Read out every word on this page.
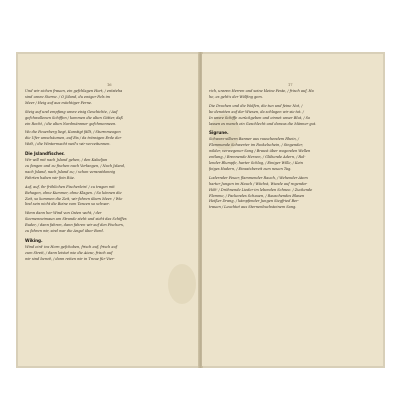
16
Und wir zichen frauen, ein gefchlagen Hort, / entsteha
sind unsre Sterne. / O Jöland, du ewiger Fels im
Meer / Heig auf aus mächtiger Ferne.

Steig auf und empfang unsre eisig Geschichte, / Auf
gefchwollenen Schiffen / kommen die alten Götter, daß
ein Recht, / die alten Nordmännner gefchmenneen.

Wo die Feuerberg liegt, Kunstigt fällt, / Sturmmeogen
die Ufer umschäumen, auf Eis / da tränsigen Erde der
Welt, / die Wintermacht weil's wir verzeitunnen.
Die Jslandfischer.
Wir will mit nach Jsland gehen, / den Kabeljan
zu fangen und zu fischen nach Verlangen, / Nach Jsland,
nach Jsland, nach Jsland zu; / schon veranstdonnig
Fahrten haben wir fein Rüe.

Auf, auf, ihr fröhlichen Fischerlein! / zu tragen mit
Behagen, ohne Kummer, ohne Klagen. / So können die
Zeit, so kommen die Zeit, wir fahren übers Meer. / Wie
lind sein nicht die Beine vom Tanzen so schwer.

Wenn dann her Wind von Osten weht, / der
Seemenneimaun am Strande steht und sieht das Schiffes
Ruder, / dann fahren, dann fahren wir auf den Fischers,
zu fahren wir, sind war die Angel über Bord.
Wiking.
Wind eint' ins Horn gefchoben, frisch auf, frisch auf
zum Streit, / dann leistet wie die Aiese, frisch auf
wir sind bereit, / dann reiten wir in Treue für Vier-
17
rich, unsren Herren und seine kleine Feste, / frisch auf, Ha
he, es geht's der Wölfing gem.

Die Drachen und die Wolfen, die tun und feine Not, /
be denotten auf der Wiesen, da schlagen wir sie tot. /
In unsre Schiffe zurückgeben und einnet unser Blut, / So
lassen es manch ein Geschlecht und daraus die Männer gut.
Sigrune.
Schwarz-silbern Banner aus rauschendem Rhein, /
Flammende Schwerter im Fackelschein, / Singender,
wilder, verwegener Sang / Braust über wogenden Wellen
entlang, / Brennende Herzen, / Glühende Adern, / Rol-
lender Blumpfe, harter Schlag, / Einiger Wille, / Kein
feiges Hadern, / Einsatzbereit zum neuen Tag.

Lodernder Feuer, flammender Rauch, / Wehender Atem
harter Jungen im Hauch / Wächst, Wunde auf regender
Höh' / Dröhnende Lieder im lebenden Schnee. / Zuckende
Flamme, / Packendes Schauen, / Rauschendes Blasen
Heißer Drang, / kämpfender Jungen Siegfried Ber-
trauen / Leuchtet aus Sternenbuchsteinem Sang.
